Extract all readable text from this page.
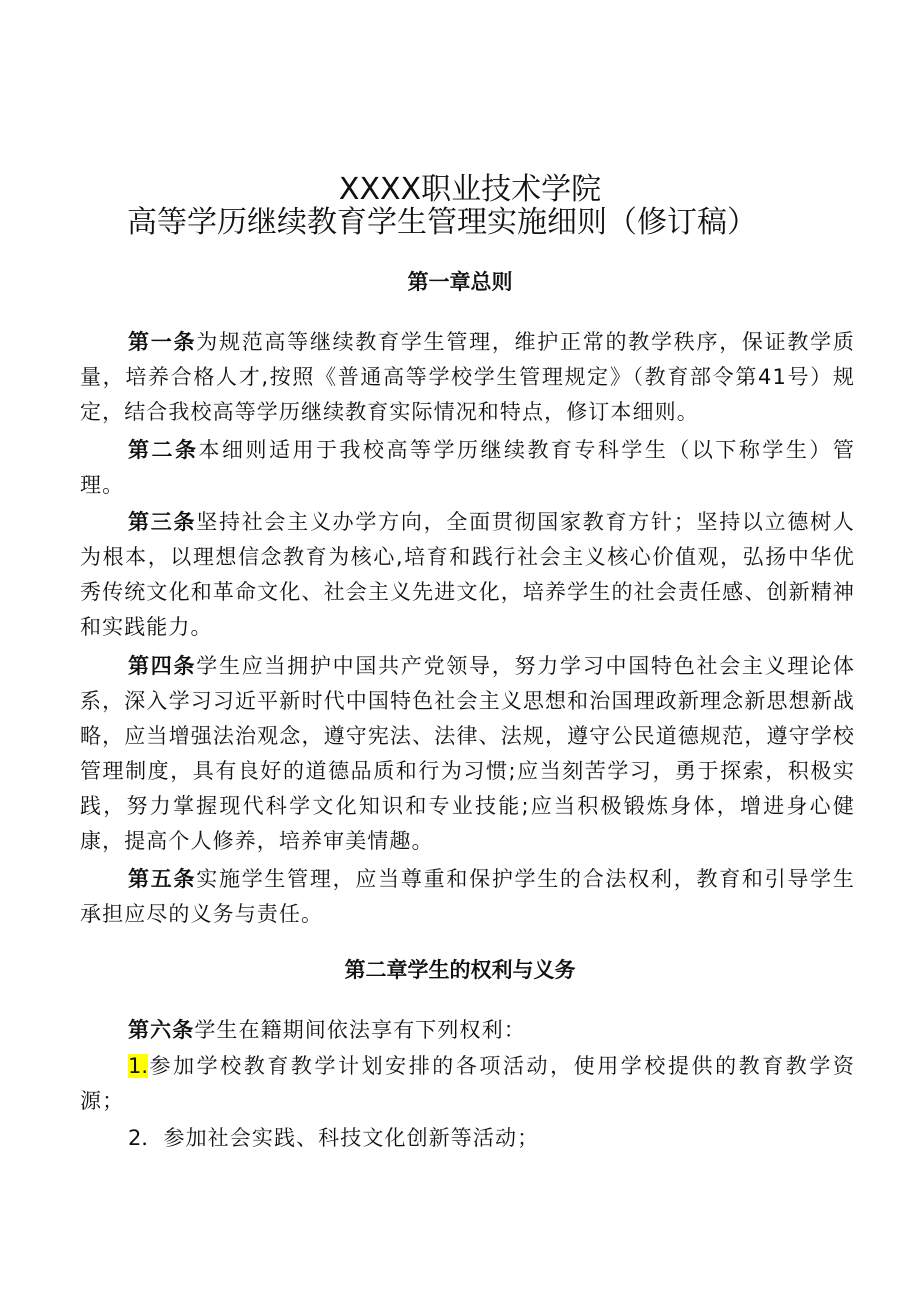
XXXX职业技术学院
高等学历继续教育学生管理实施细则（修订稿）
第一章总则
第一条为规范高等继续教育学生管理，维护正常的教学秩序，保证教学质量，培养合格人才,按照《普通高等学校学生管理规定》（教育部令第41号）规定，结合我校高等学历继续教育实际情况和特点，修订本细则。
第二条本细则适用于我校高等学历继续教育专科学生（以下称学生）管理。
第三条坚持社会主义办学方向，全面贯彻国家教育方针；坚持以立德树人为根本，以理想信念教育为核心,培育和践行社会主义核心价值观，弘扬中华优秀传统文化和革命文化、社会主义先进文化，培养学生的社会责任感、创新精神和实践能力。
第四条学生应当拥护中国共产党领导，努力学习中国特色社会主义理论体系，深入学习习近平新时代中国特色社会主义思想和治国理政新理念新思想新战略，应当增强法治观念，遵守宪法、法律、法规，遵守公民道德规范，遵守学校管理制度，具有良好的道德品质和行为习惯;应当刻苦学习，勇于探索，积极实践，努力掌握现代科学文化知识和专业技能;应当积极锻炼身体，增进身心健康，提高个人修养，培养审美情趣。
第五条实施学生管理，应当尊重和保护学生的合法权利，教育和引导学生承担应尽的义务与责任。
第二章学生的权利与义务
第六条学生在籍期间依法享有下列权利：
1.参加学校教育教学计划安排的各项活动，使用学校提供的教育教学资源；
2．参加社会实践、科技文化创新等活动；
